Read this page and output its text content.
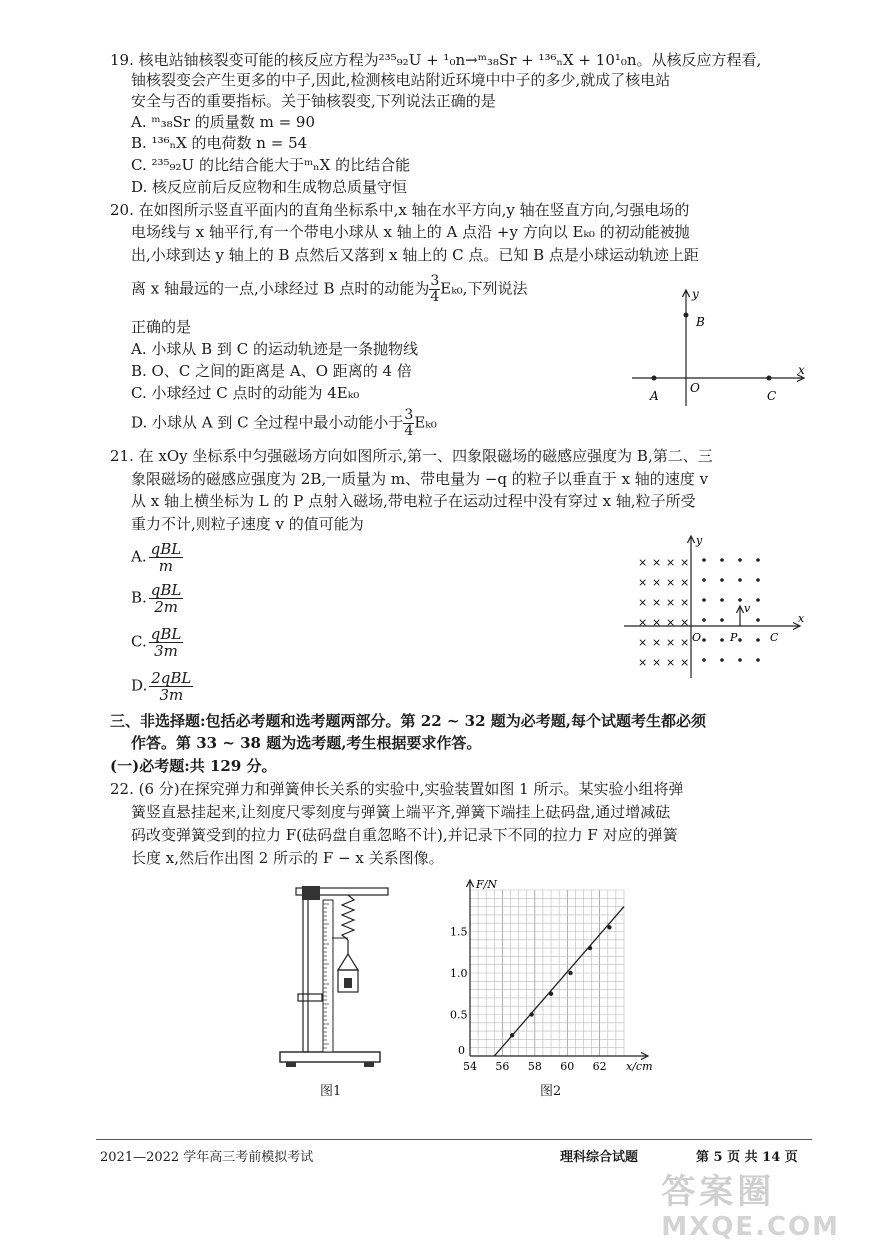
19. 核电站铀核裂变可能的核反应方程为²³⁵₉₂U + ¹₀n→ᵐ₃₈Sr + ¹³⁶ₙX + 10¹₀n。从核反应方程看,
铀核裂变会产生更多的中子,因此,检测核电站附近环境中中子的多少,就成了核电站
安全与否的重要指标。关于铀核裂变,下列说法正确的是
A. ᵐ₃₈Sr 的质量数 m = 90
B. ¹³⁶ₙX 的电荷数 n = 54
C. ²³⁵₉₂U 的比结合能大于ᵐₙX 的比结合能
D. 核反应前后反应物和生成物总质量守恒
20. 在如图所示竖直平面内的直角坐标系中,x 轴在水平方向,y 轴在竖直方向,匀强电场的
电场线与 x 轴平行,有一个带电小球从 x 轴上的 A 点沿 +y 方向以 Eₖ₀ 的初动能被抛
出,小球到达 y 轴上的 B 点然后又落到 x 轴上的 C 点。已知 B 点是小球运动轨迹上距
离 x 轴最远的一点,小球经过 B 点时的动能为 $\frac{3}{4} E_{k0}$,下列说法
正确的是
A. 小球从 B 到 C 的运动轨迹是一条抛物线
B. O、C 之间的距离是 A、O 距离的 4 倍
C. 小球经过 C 点时的动能为 4Eₖ₀
D. 小球从 A 到 C 全过程中最小动能小于 $\frac{3}{4} E_{k0}$
y
x
B
O
A	C
21. 在 xOy 坐标系中匀强磁场方向如图所示,第一、四象限磁场的磁感应强度为 B,第二、三
象限磁场的磁感应强度为 2B,一质量为 m、带电量为 −q 的粒子以垂直于 x 轴的速度 v
从 x 轴上横坐标为 L 的 P 点射入磁场,带电粒子在运动过程中没有穿过 x 轴,粒子所受
重力不计,则粒子速度 v 的值可能为
A. $\frac{\text{qBL}}{m}$
B. $\frac{\text{qBL}}{2m}$
C. $\frac{\text{qBL}}{3m}$
D. $\frac{\text{2qBL}}{3m}$
× × × ×
× × × ×
× × × ×
× × × ×
× × × ×
× × × ×
v
y
x
O	P	C
三、非选择题:包括必考题和选考题两部分。第 22 ~ 32 题为必考题,每个试题考生都必须
作答。第 33 ~ 38 题为选考题,考生根据要求作答。
(一)必考题:共 129 分。
22. (6 分)在探究弹力和弹簧伸长关系的实验中,实验装置如图 1 所示。某实验小组将弹
簧竖直悬挂起来,让刻度尺零刻度与弹簧上端平齐,弹簧下端挂上砝码盘,通过增减砝
码改变弹簧受到的拉力 F(砝码盘自重忽略不计),并记录下不同的拉力 F 对应的弹簧
长度 x,然后作出图 2 所示的 F − x 关系图像。
图1
54 56 58 60 62
0
0.5
1.0
1.5
F/N
x/cm
图2
2021—2022 学年高三考前模拟考试	理科综合试题	第 5 页 共 14 页
答案圈
MXQE.COM
